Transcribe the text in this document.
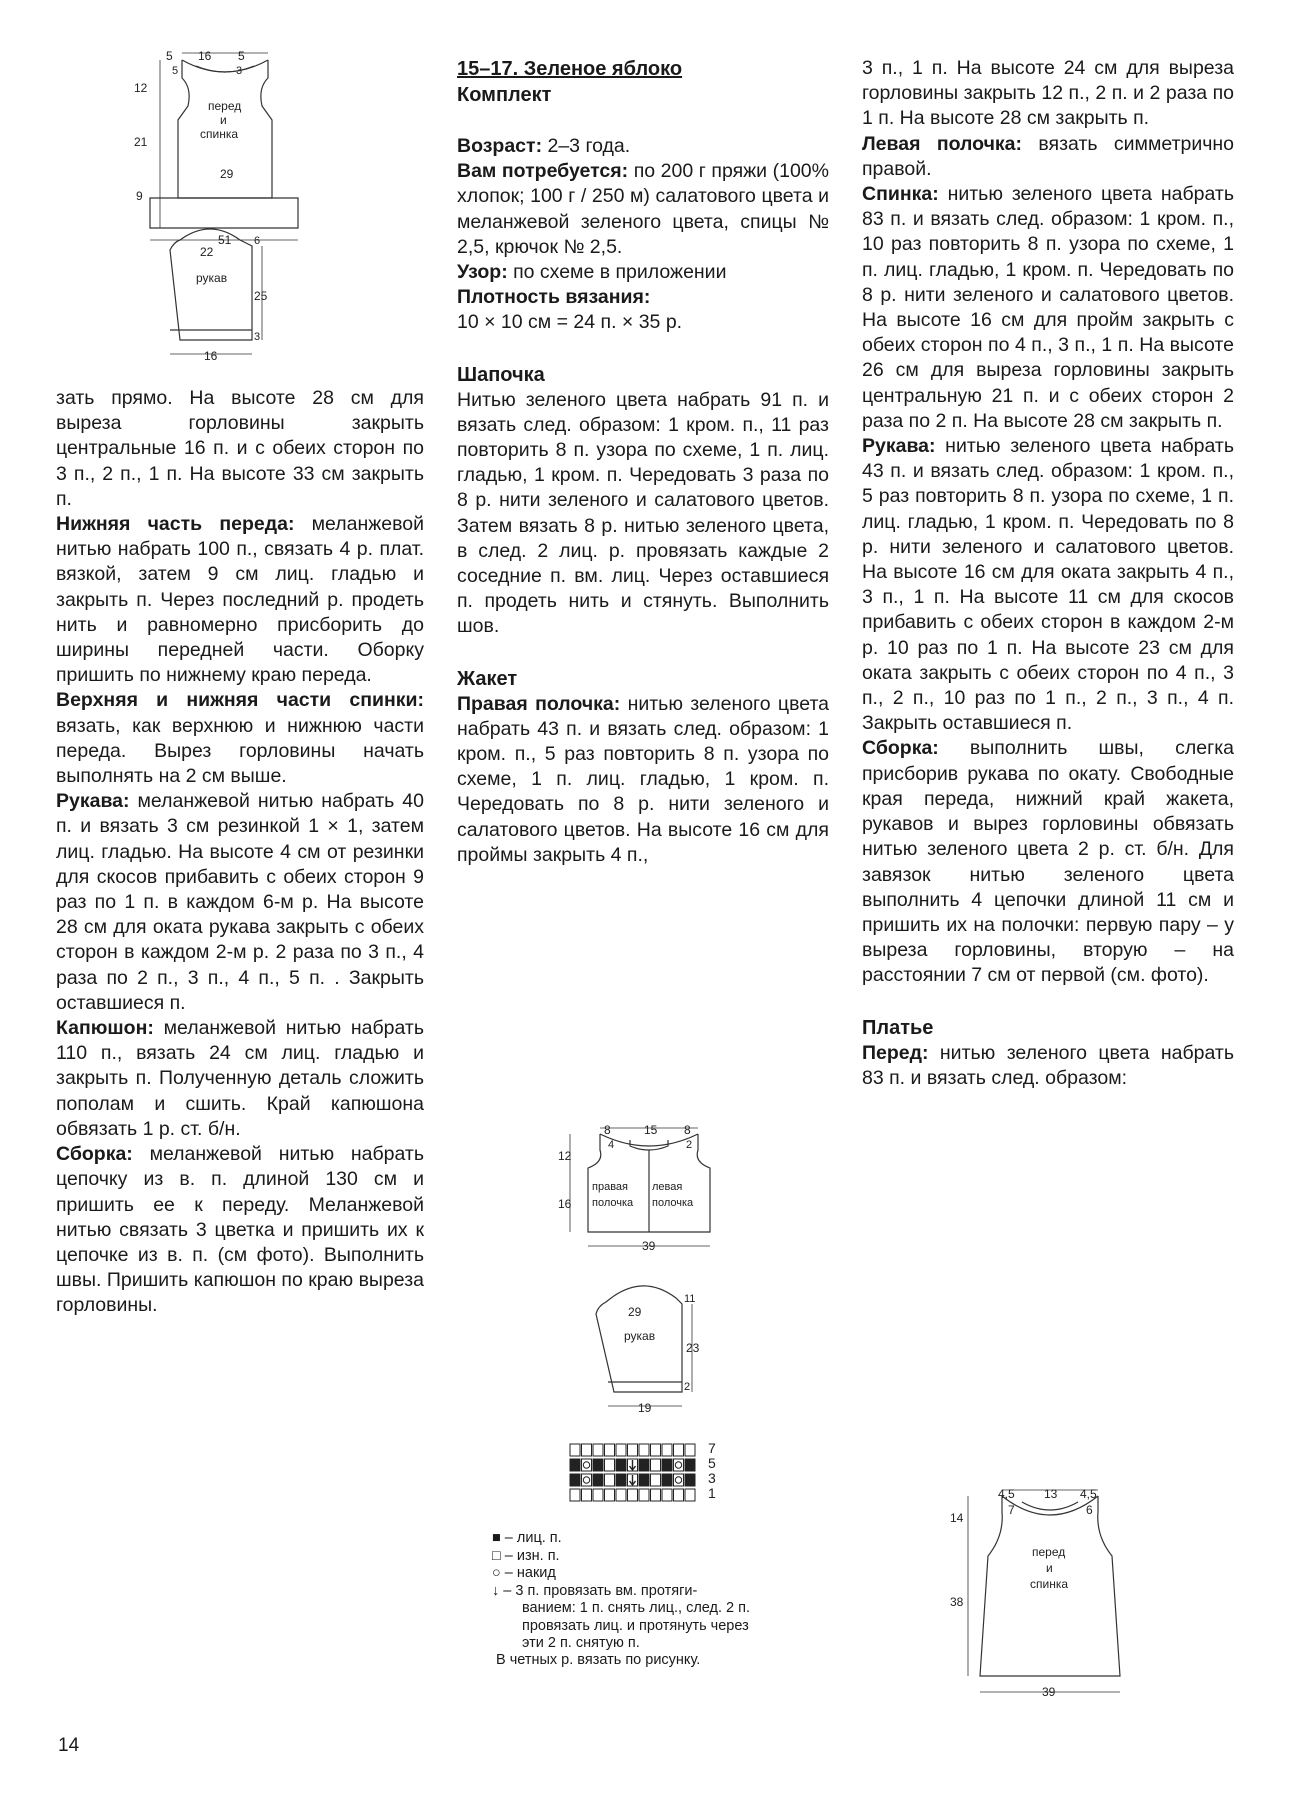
5 16 5
5	3
12
21
9
перед
и
спинка
29
51
22
6
рукав
25
3
16

зать прямо. На высоте 28 см для выреза горловины закрыть центральные 16 п. и с обеих сторон по 3 п., 2 п., 1 п. На высоте 33 см закрыть п.

Нижняя часть переда: меланжевой нитью набрать 100 п., связать 4 р. плат. вязкой, затем 9 см лиц. гладью и закрыть п. Через последний р. продеть нить и равномерно присборить до ширины передней части. Оборку пришить по нижнему краю переда.

Верхняя и нижняя части спинки: вязать, как верхнюю и нижнюю части переда. Вырез горловины начать выполнять на 2 см выше.

Рукава: меланжевой нитью набрать 40 п. и вязать 3 см резинкой 1 × 1, затем лиц. гладью. На высоте 4 см от резинки для скосов прибавить с обеих сторон 9 раз по 1 п. в каждом 6-м р. На высоте 28 см для оката рукава закрыть с обеих сторон в каждом 2-м р. 2 раза по 3 п., 4 раза по 2 п., 3 п., 4 п., 5 п. . Закрыть оставшиеся п.

Капюшон: меланжевой нитью набрать 110 п., вязать 24 см лиц. гладью и закрыть п. Полученную деталь сложить пополам и сшить. Край капюшона обвязать 1 р. ст. б/н.

Сборка: меланжевой нитью набрать цепочку из в. п. длиной 130 см и пришить ее к переду. Меланжевой нитью связать 3 цветка и пришить их к цепочке из в. п. (см фото). Выполнить швы. Пришить капюшон по краю выреза горловины.

15–17. Зеленое яблоко
Комплект

Возраст: 2–3 года.

Вам потребуется: по 200 г пряжи (100% хлопок; 100 г / 250 м) салатового цвета и меланжевой зеленого цвета, спицы № 2,5, крючок № 2,5.

Узор: по схеме в приложении

Плотность вязания:

10 × 10 см = 24 п. × 35 р.

Шапочка

Нитью зеленого цвета набрать 91 п. и вязать след. образом: 1 кром. п., 11 раз повторить 8 п. узора по схеме, 1 п. лиц. гладью, 1 кром. п. Чередовать 3 раза по 8 р. нити зеленого и салатового цветов. Затем вязать 8 р. нитью зеленого цвета, в след. 2 лиц. р. провязать каждые 2 соседние п. вм. лиц. Через оставшиеся п. продеть нить и стянуть. Выполнить шов.

Жакет

Правая полочка: нитью зеленого цвета набрать 43 п. и вязать след. образом: 1 кром. п., 5 раз повторить 8 п. узора по схеме, 1 п. лиц. гладью, 1 кром. п. Чередовать по 8 р. нити зеленого и салатового цветов. На высоте 16 см для проймы закрыть 4 п.,

8	15 8
4	2
12
16
правая
полочка
левая
полочка
39
29
11
рукав
23
2
19
7
5
3
1
■ – лиц. п.
□ – изн. п.
○ – накид
↓ – 3 п. провязать вм. протяги-
ванием: 1 п. снять лиц., след. 2 п.
провязать лиц. и протянуть через
эти 2 п. снятую п.
В четных р. вязать по рисунку.

3 п., 1 п. На высоте 24 см для выреза горловины закрыть 12 п., 2 п. и 2 раза по 1 п. На высоте 28 см закрыть п.

Левая полочка: вязать симметрично правой.

Спинка: нитью зеленого цвета набрать 83 п. и вязать след. образом: 1 кром. п., 10 раз повторить 8 п. узора по схеме, 1 п. лиц. гладью, 1 кром. п. Чередовать по 8 р. нити зеленого и салатового цветов. На высоте 16 см для пройм закрыть с обеих сторон по 4 п., 3 п., 1 п. На высоте 26 см для выреза горловины закрыть центральную 21 п. и с обеих сторон 2 раза по 2 п. На высоте 28 см закрыть п.

Рукава: нитью зеленого цвета набрать 43 п. и вязать след. образом: 1 кром. п., 5 раз повторить 8 п. узора по схеме, 1 п. лиц. гладью, 1 кром. п. Чередовать по 8 р. нити зеленого и салатового цветов. На высоте 16 см для оката закрыть 4 п., 3 п., 1 п. На высоте 11 см для скосов прибавить с обеих сторон в каждом 2-м р. 10 раз по 1 п. На высоте 23 см для оката закрыть с обеих сторон по 4 п., 3 п., 2 п., 10 раз по 1 п., 2 п., 3 п., 4 п. Закрыть оставшиеся п.

Сборка: выполнить швы, слегка присборив рукава по окату. Свободные края переда, нижний край жакета, рукавов и вырез горловины обвязать нитью зеленого цвета 2 р. ст. б/н. Для завязок нитью зеленого цвета выполнить 4 цепочки длиной 11 см и пришить их на полочки: первую пару – у выреза горловины, вторую – на расстоянии 7 см от первой (см. фото).

Платье

Перед: нитью зеленого цвета набрать 83 п. и вязать след. образом:

4,5 13 4,5
7	6
14
38
перед
и
спинка
39
14
